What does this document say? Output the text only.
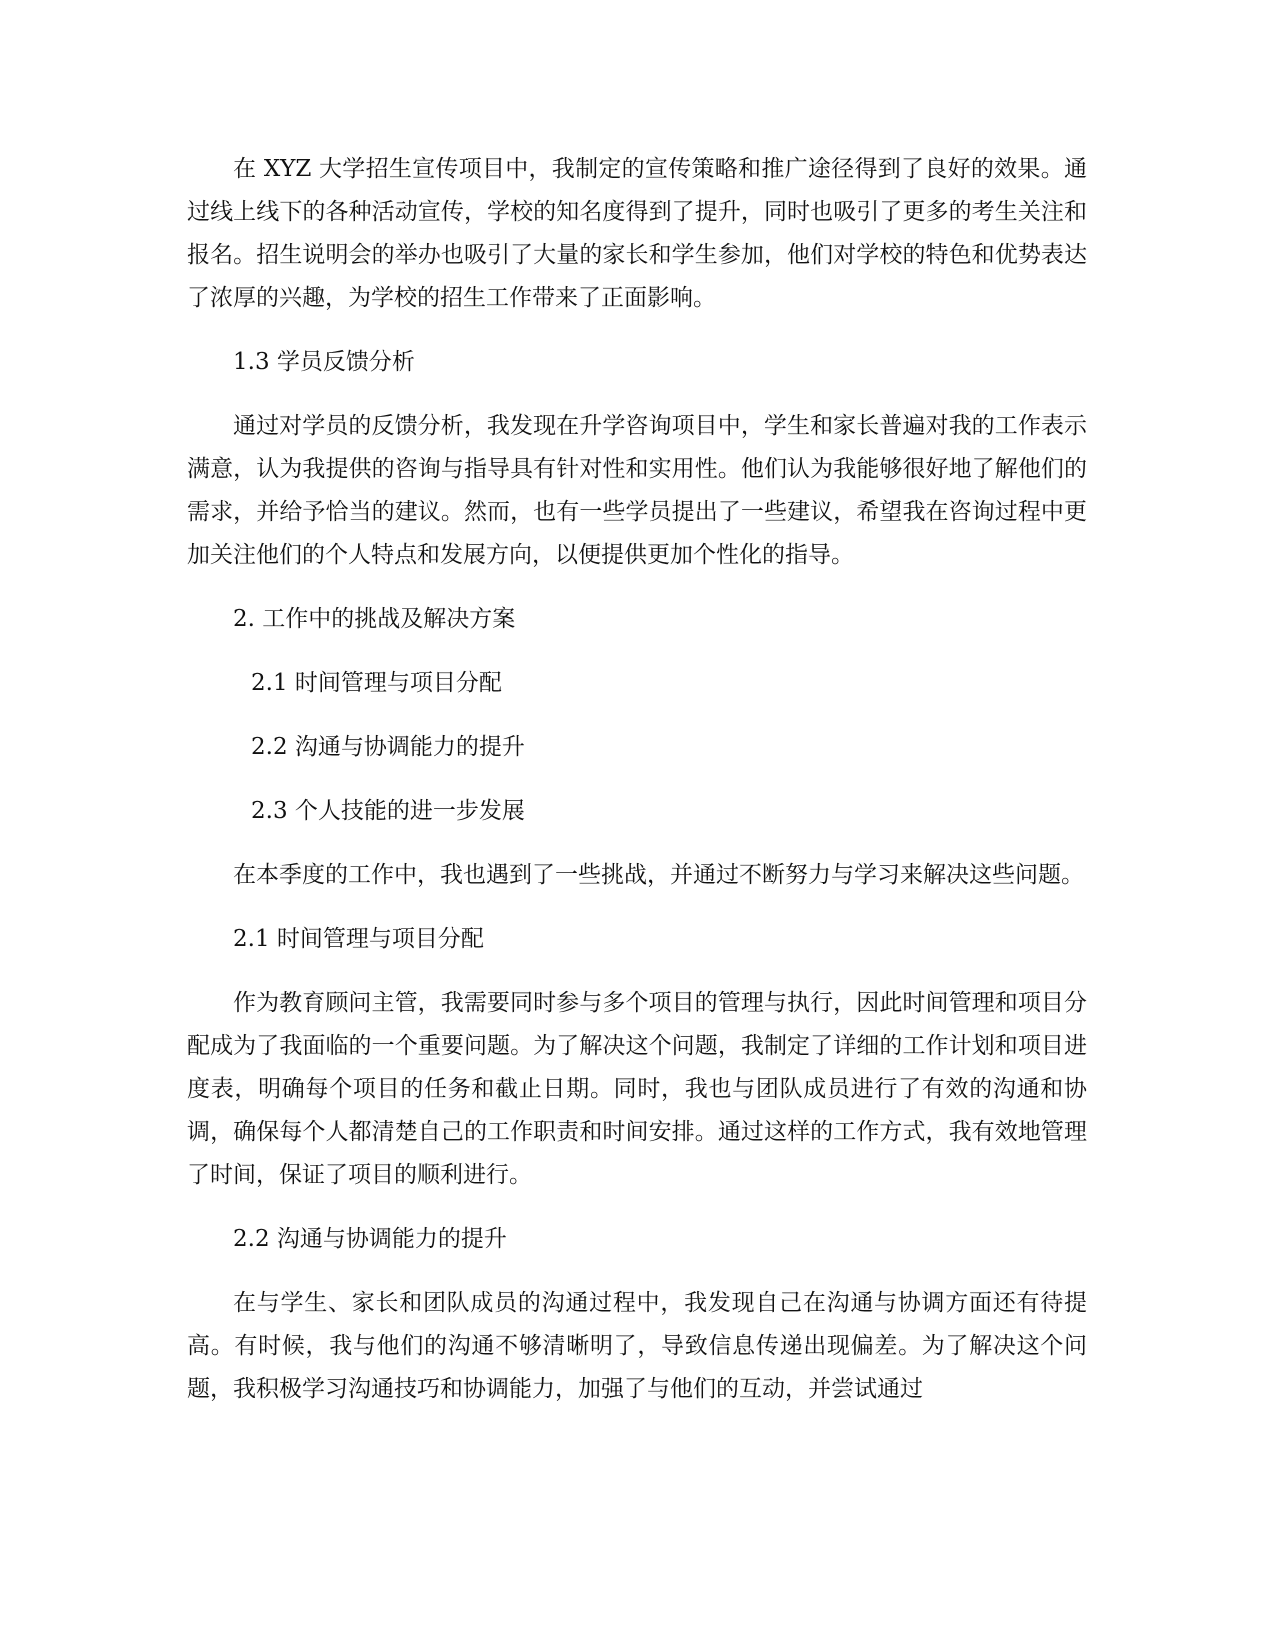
在 XYZ 大学招生宣传项目中，我制定的宣传策略和推广途径得到了良好的效果。通过线上线下的各种活动宣传，学校的知名度得到了提升，同时也吸引了更多的考生关注和报名。招生说明会的举办也吸引了大量的家长和学生参加，他们对学校的特色和优势表达了浓厚的兴趣，为学校的招生工作带来了正面影响。

1.3 学员反馈分析

通过对学员的反馈分析，我发现在升学咨询项目中，学生和家长普遍对我的工作表示满意，认为我提供的咨询与指导具有针对性和实用性。他们认为我能够很好地了解他们的需求，并给予恰当的建议。然而，也有一些学员提出了一些建议，希望我在咨询过程中更加关注他们的个人特点和发展方向，以便提供更加个性化的指导。

2. 工作中的挑战及解决方案

2.1 时间管理与项目分配

2.2 沟通与协调能力的提升

2.3 个人技能的进一步发展

在本季度的工作中，我也遇到了一些挑战，并通过不断努力与学习来解决这些问题。

2.1 时间管理与项目分配

作为教育顾问主管，我需要同时参与多个项目的管理与执行，因此时间管理和项目分配成为了我面临的一个重要问题。为了解决这个问题，我制定了详细的工作计划和项目进度表，明确每个项目的任务和截止日期。同时，我也与团队成员进行了有效的沟通和协调，确保每个人都清楚自己的工作职责和时间安排。通过这样的工作方式，我有效地管理了时间，保证了项目的顺利进行。

2.2 沟通与协调能力的提升

在与学生、家长和团队成员的沟通过程中，我发现自己在沟通与协调方面还有待提高。有时候，我与他们的沟通不够清晰明了，导致信息传递出现偏差。为了解决这个问题，我积极学习沟通技巧和协调能力，加强了与他们的互动，并尝试通过
